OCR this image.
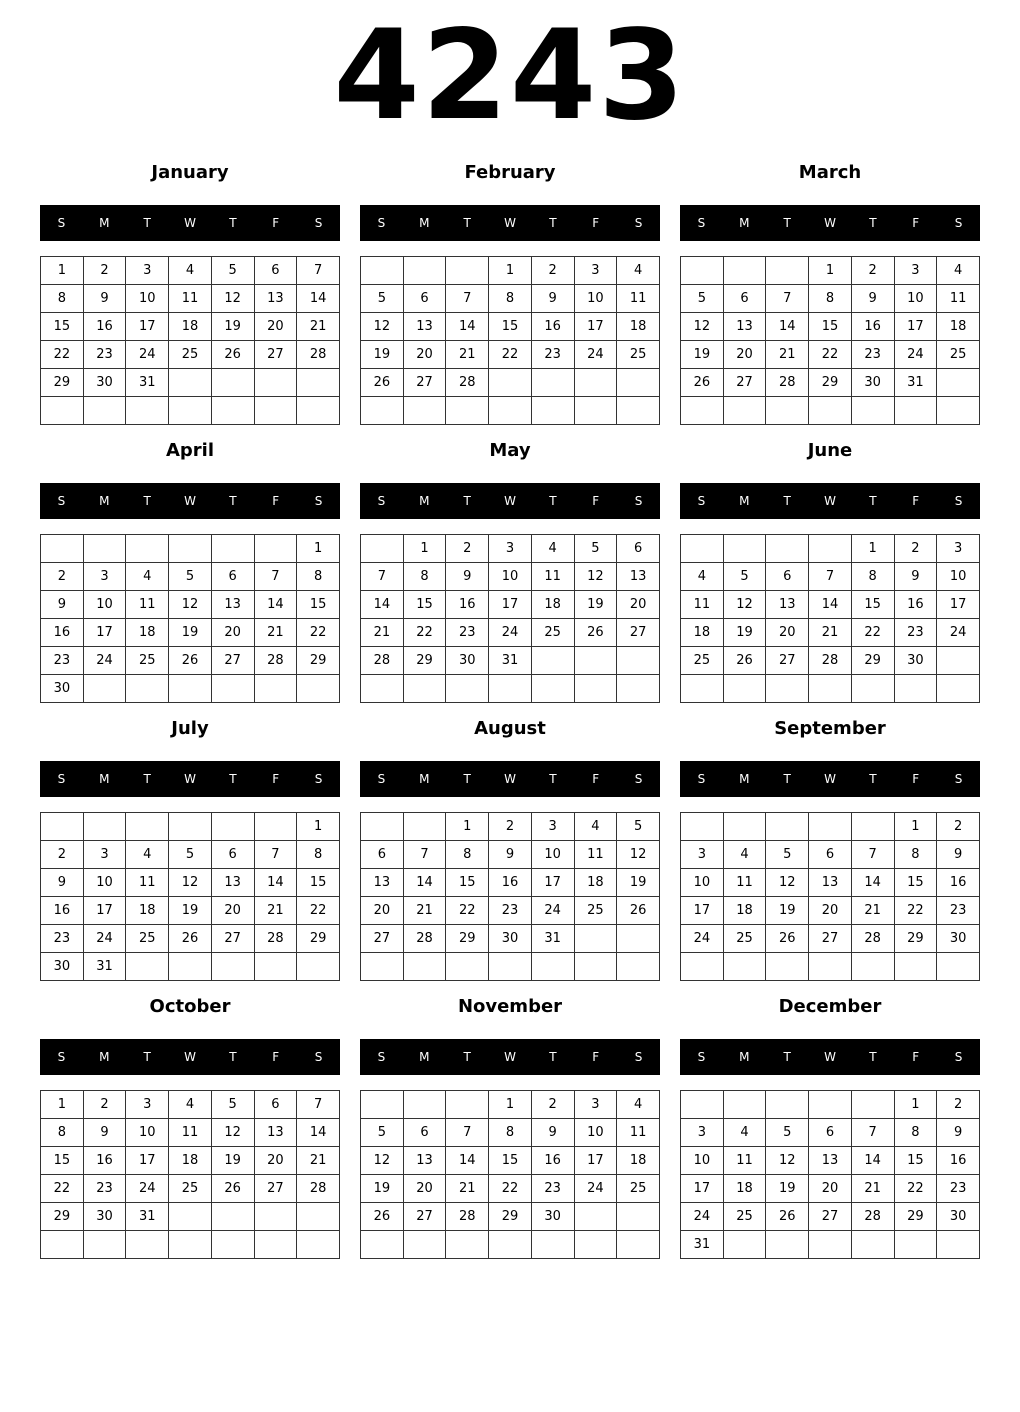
4243
January
S	M	T	W	T	F	S
1	2	3	4	5	6	7
8	9	10	11	12	13	14
15	16	17	18	19	20	21
22	23	24	25	26	27	28
29	30	31				

February
S	M	T	W	T	F	S
			1	2	3	4
5	6	7	8	9	10	11
12	13	14	15	16	17	18
19	20	21	22	23	24	25
26	27	28				

March
S	M	T	W	T	F	S
			1	2	3	4
5	6	7	8	9	10	11
12	13	14	15	16	17	18
19	20	21	22	23	24	25
26	27	28	29	30	31	

April
S	M	T	W	T	F	S
						1
2	3	4	5	6	7	8
9	10	11	12	13	14	15
16	17	18	19	20	21	22
23	24	25	26	27	28	29
30						
May
S	M	T	W	T	F	S
	1	2	3	4	5	6
7	8	9	10	11	12	13
14	15	16	17	18	19	20
21	22	23	24	25	26	27
28	29	30	31			

June
S	M	T	W	T	F	S
				1	2	3
4	5	6	7	8	9	10
11	12	13	14	15	16	17
18	19	20	21	22	23	24
25	26	27	28	29	30	

July
S	M	T	W	T	F	S
						1
2	3	4	5	6	7	8
9	10	11	12	13	14	15
16	17	18	19	20	21	22
23	24	25	26	27	28	29
30	31					
August
S	M	T	W	T	F	S
		1	2	3	4	5
6	7	8	9	10	11	12
13	14	15	16	17	18	19
20	21	22	23	24	25	26
27	28	29	30	31		

September
S	M	T	W	T	F	S
					1	2
3	4	5	6	7	8	9
10	11	12	13	14	15	16
17	18	19	20	21	22	23
24	25	26	27	28	29	30

October
S	M	T	W	T	F	S
1	2	3	4	5	6	7
8	9	10	11	12	13	14
15	16	17	18	19	20	21
22	23	24	25	26	27	28
29	30	31				

November
S	M	T	W	T	F	S
			1	2	3	4
5	6	7	8	9	10	11
12	13	14	15	16	17	18
19	20	21	22	23	24	25
26	27	28	29	30		

December
S	M	T	W	T	F	S
					1	2
3	4	5	6	7	8	9
10	11	12	13	14	15	16
17	18	19	20	21	22	23
24	25	26	27	28	29	30
31						
